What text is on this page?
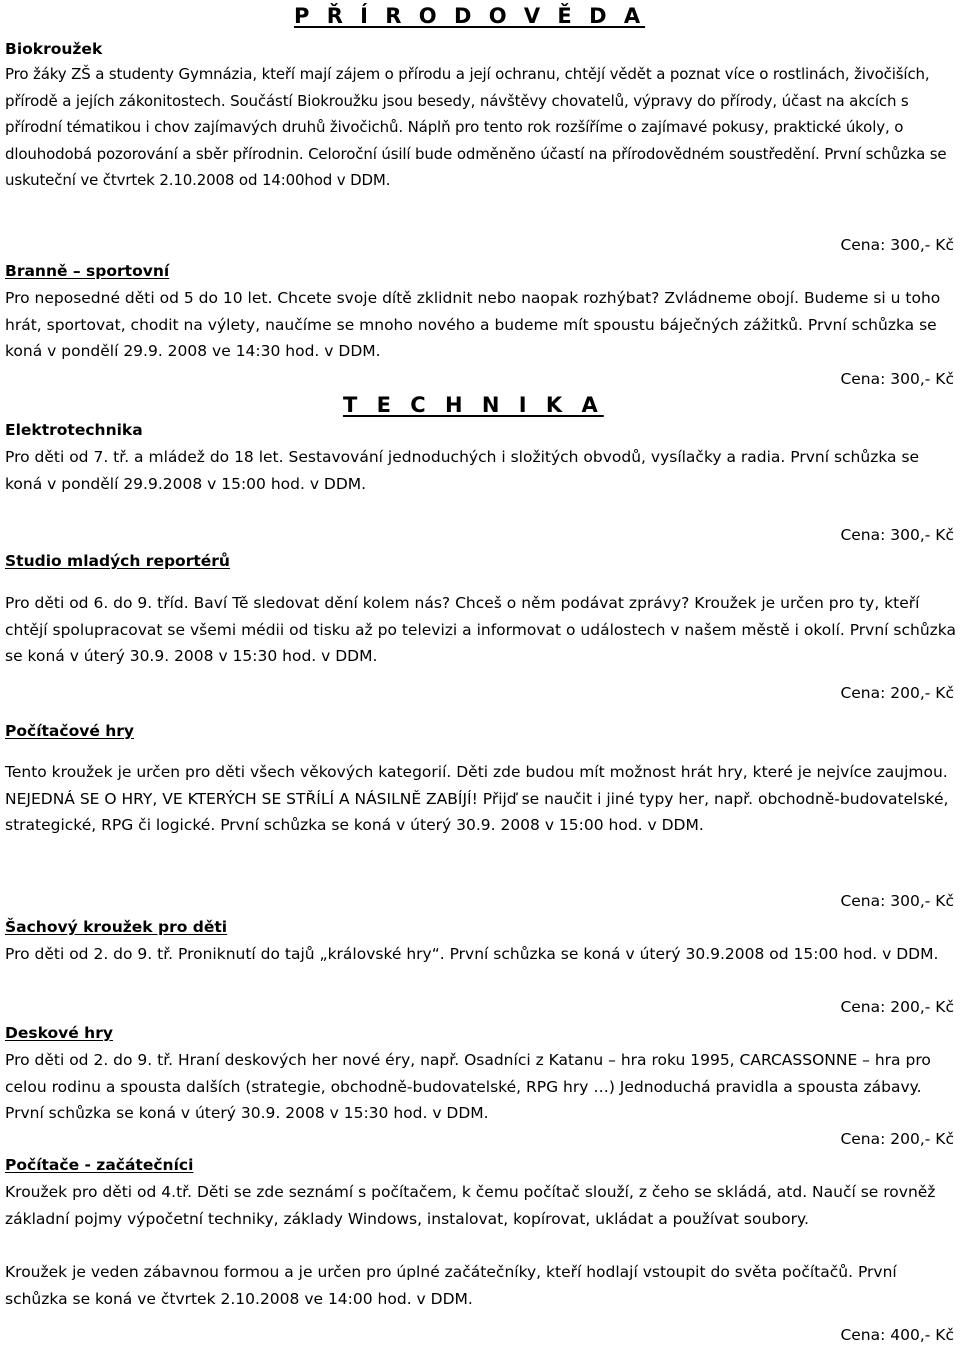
P Ř Í R O D O V Ě D A
Biokroužek

Pro žáky ZŠ a studenty Gymnázia, kteří mají zájem o přírodu a její ochranu, chtějí vědět a poznat více o rostlinách, živočiších, přírodě a jejích zákonitostech. Součástí Biokroužku jsou besedy, návštěvy chovatelů, výpravy do přírody, účast na akcích s přírodní tématikou i chov zajímavých druhů živočichů. Náplň pro tento rok rozšíříme o zajímavé pokusy, praktické úkoly, o dlouhodobá pozorování a sběr přírodnin. Celoroční úsilí bude odměněno účastí na přírodovědném soustředění. První schůzka se uskuteční ve čtvrtek 2.10.2008 od 14:00hod v DDM.

Cena: 300,- Kč
Branně – sportovní

Pro neposedné děti od 5 do 10 let. Chcete svoje dítě zklidnit nebo naopak rozhýbat? Zvládneme obojí. Budeme si u toho hrát, sportovat, chodit na výlety, naučíme se mnoho nového a budeme mít spoustu báječných zážitků. První schůzka se koná v pondělí 29.9. 2008 ve 14:30 hod. v DDM.

Cena: 300,- Kč
T E C H N I K A
Elektrotechnika

Pro děti od 7. tř. a mládež do 18 let. Sestavování jednoduchých i složitých obvodů, vysílačky a radia. První schůzka se koná v pondělí 29.9.2008 v 15:00 hod. v DDM.

Cena: 300,- Kč
Studio mladých reportérů

Pro děti od 6. do 9. tříd. Baví Tě sledovat dění kolem nás? Chceš o něm podávat zprávy? Kroužek je určen pro ty, kteří chtějí spolupracovat se všemi médii od tisku až po televizi a informovat o událostech v našem městě i okolí. První schůzka se koná v úterý 30.9. 2008 v 15:30 hod. v DDM.

Cena: 200,- Kč
Počítačové hry

Tento kroužek je určen pro děti všech věkových kategorií. Děti zde budou mít možnost hrát hry, které je nejvíce zaujmou. NEJEDNÁ SE O HRY, VE KTERÝCH SE STŘÍLÍ A NÁSILNĚ ZABÍJÍ! Přijď se naučit i jiné typy her, např. obchodně-budovatelské, strategické, RPG či logické. První schůzka se koná v úterý 30.9. 2008 v 15:00 hod. v DDM.

Cena: 300,- Kč
Šachový kroužek pro děti

Pro děti od 2. do 9. tř. Proniknutí do tajů „královské hry“. První schůzka se koná v úterý 30.9.2008 od 15:00 hod. v DDM.

Cena: 200,- Kč
Deskové hry

Pro děti od 2. do 9. tř. Hraní deskových her nové éry, např. Osadníci z Katanu – hra roku 1995, CARCASSONNE – hra pro celou rodinu a spousta dalších (strategie, obchodně-budovatelské, RPG hry …) Jednoduchá pravidla a spousta zábavy. První schůzka se koná v úterý 30.9. 2008 v 15:30 hod. v DDM.

Cena: 200,- Kč
Počítače - začátečníci

Kroužek pro děti od 4.tř. Děti se zde seznámí s počítačem, k čemu počítač slouží, z čeho se skládá, atd. Naučí se rovněž základní pojmy výpočetní techniky, základy Windows, instalovat, kopírovat, ukládat a používat soubory.

Kroužek je veden zábavnou formou a je určen pro úplné začátečníky, kteří hodlají vstoupit do světa počítačů. První schůzka se koná ve čtvrtek 2.10.2008 ve 14:00 hod. v DDM.

Cena: 400,- Kč
